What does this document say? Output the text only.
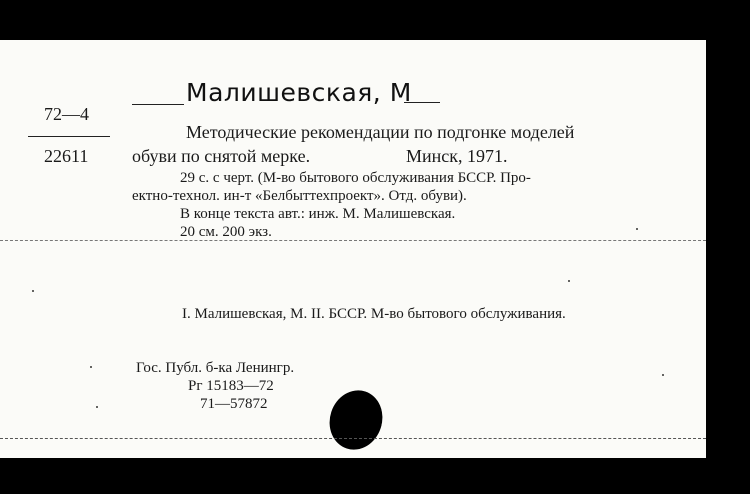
Малишевская, М
72—4
22611
Методические рекомендации по подгонке моделей
обуви по снятой мерке.	Минск, 1971.
29 с. с черт. (М-во бытового обслуживания БССР. Про-
ектно-технол. ин-т «Белбыттехпроект». Отд. обуви).
В конце текста авт.: инж. М. Малишевская.
20 см. 200 экз.
I. Малишевская, М. II. БССР. М-во бытового обслуживания.
Гос. Публ. б-ка Ленингр.
Рг 15183—72
71—57872
